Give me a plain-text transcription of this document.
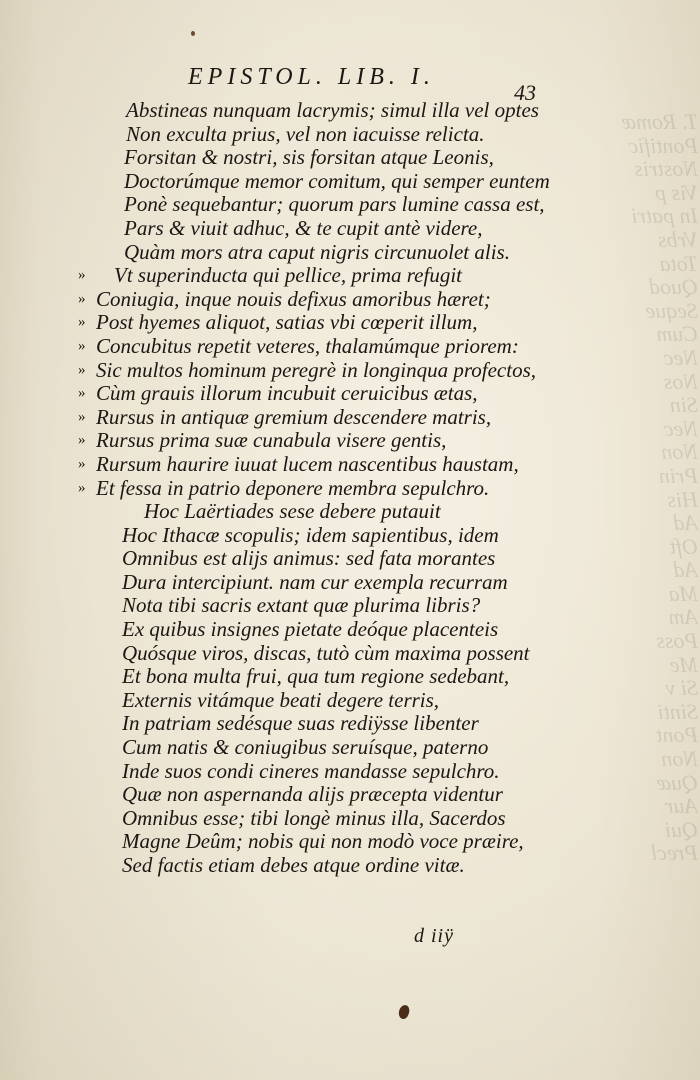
T. Romæ
Pontific
Nostris
Vis p
In patri
Vrbs
Tota
Quod
Seque
Cum
Nec
Nos
Sin
Nec
Non
Prin
His
Ad
Oft
Ad
Ma
Am
Poss
Me
Si v
Sinti
Pont
Non
Quæ
Aur
Qui
Precl
EPISTOL. LIB. I.
43
Abstineas nunquam lacrymis; simul illa vel optes
Non exculta prius, vel non iacuisse relicta.
Forsitan & nostri, sis forsitan atque Leonis,
Doctorúmque memor comitum, qui semper euntem
Ponè sequebantur; quorum pars lumine cassa est,
Pars & viuit adhuc, & te cupit antè videre,
Quàm mors atra caput nigris circunuolet alis.
»	Vt superinducta qui pellice, prima refugit
» Coniugia, inque nouis defixus amoribus hæret;
» Post hyemes aliquot, satias vbi cœperit illum,
» Concubitus repetit veteres, thalamúmque priorem:
» Sic multos hominum peregrè in longinqua profectos,
» Cùm grauis illorum incubuit ceruicibus ætas,
» Rursus in antiquæ gremium descendere matris,
» Rursus prima suæ cunabula visere gentis,
» Rursum haurire iuuat lucem nascentibus haustam,
» Et fessa in patrio deponere membra sepulchro.
Hoc Laërtiades sese debere putauit
Hoc Ithacæ scopulis; idem sapientibus, idem
Omnibus est alijs animus: sed fata morantes
Dura intercipiunt. nam cur exempla recurram
Nota tibi sacris extant quæ plurima libris?
Ex quibus insignes pietate deóque placenteis
Quósque viros, discas, tutò cùm maxima possent
Et bona multa frui, qua tum regione sedebant,
Externis vitámque beati degere terris,
In patriam sedésque suas rediÿsse libenter
Cum natis & coniugibus seruísque, paterno
Inde suos condi cineres mandasse sepulchro.
Quæ non aspernanda alijs præcepta videntur
Omnibus esse; tibi longè minus illa, Sacerdos
Magne Deûm; nobis qui non modò voce præire,
Sed factis etiam debes atque ordine vitæ.
d iiÿ
